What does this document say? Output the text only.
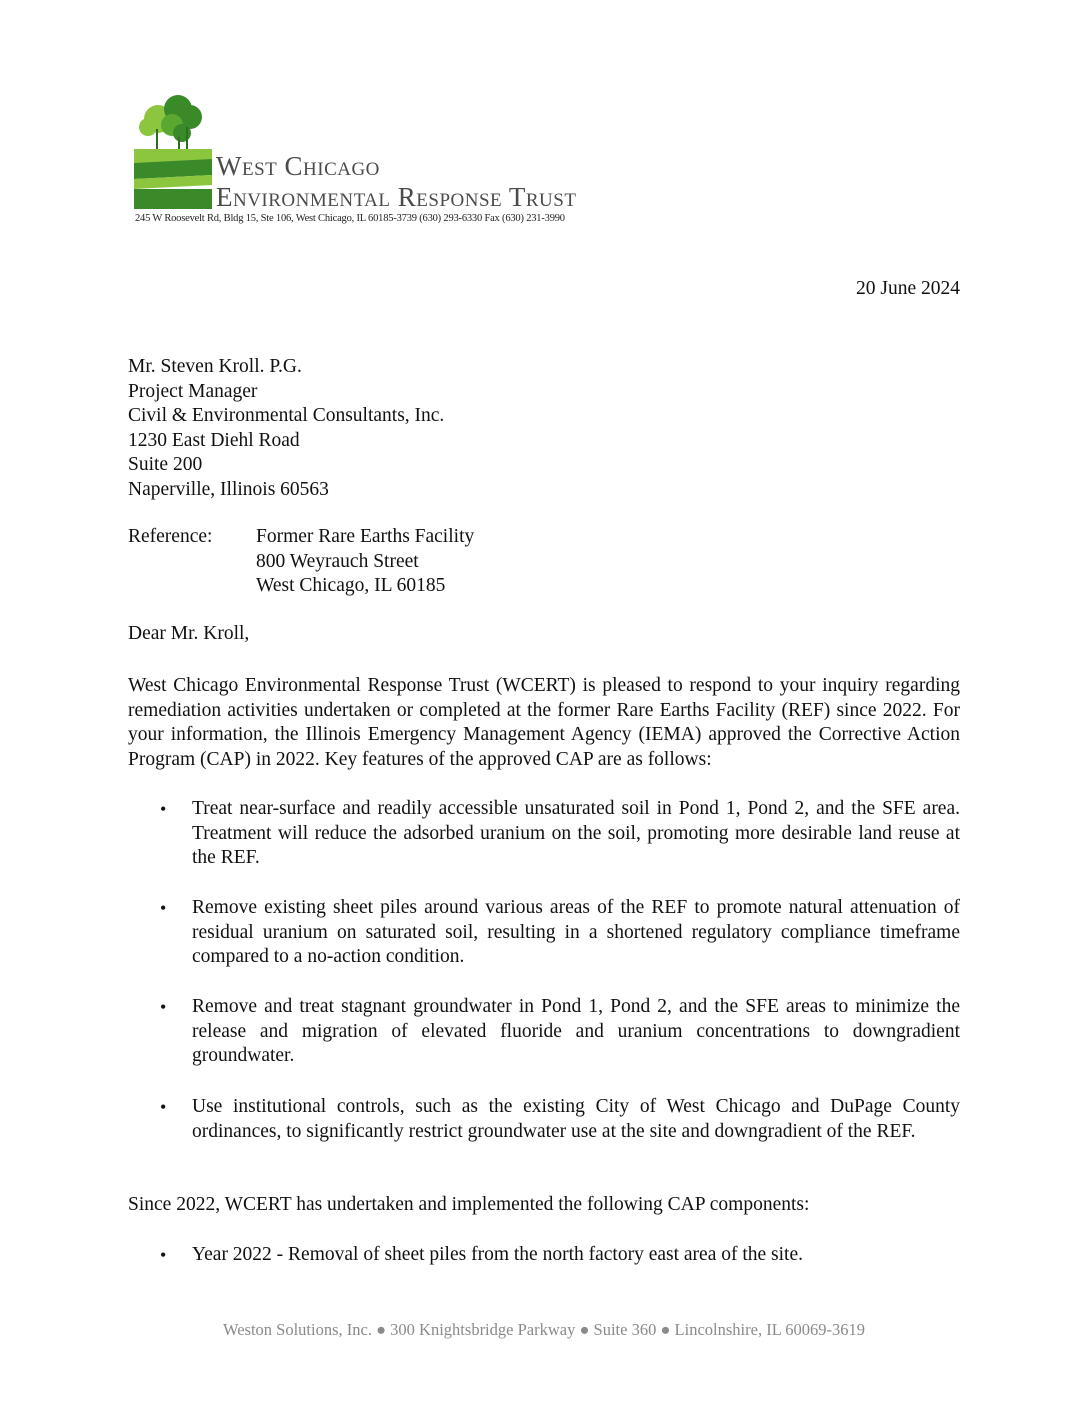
West Chicago
Environmental Response Trust
245 W Roosevelt Rd, Bldg 15, Ste 106, West Chicago, IL 60185-3739 (630) 293-6330 Fax (630) 231-3990
20 June 2024
Mr. Steven Kroll. P.G.
Project Manager
Civil & Environmental Consultants, Inc.
1230 East Diehl Road
Suite 200
Naperville, Illinois 60563
Reference: Former Rare Earths Facility
800 Weyrauch Street
West Chicago, IL 60185
Dear Mr. Kroll,
West Chicago Environmental Response Trust (WCERT) is pleased to respond to your inquiry regarding remediation activities undertaken or completed at the former Rare Earths Facility (REF) since 2022. For your information, the Illinois Emergency Management Agency (IEMA) approved the Corrective Action Program (CAP) in 2022. Key features of the approved CAP are as follows:
• Treat near-surface and readily accessible unsaturated soil in Pond 1, Pond 2, and the SFE area. Treatment will reduce the adsorbed uranium on the soil, promoting more desirable land reuse at the REF.
• Remove existing sheet piles around various areas of the REF to promote natural attenuation of residual uranium on saturated soil, resulting in a shortened regulatory compliance timeframe compared to a no-action condition.
• Remove and treat stagnant groundwater in Pond 1, Pond 2, and the SFE areas to minimize the release and migration of elevated fluoride and uranium concentrations to downgradient groundwater.
• Use institutional controls, such as the existing City of West Chicago and DuPage County ordinances, to significantly restrict groundwater use at the site and downgradient of the REF.
Since 2022, WCERT has undertaken and implemented the following CAP components:
• Year 2022 - Removal of sheet piles from the north factory east area of the site.
Weston Solutions, Inc. ● 300 Knightsbridge Parkway ● Suite 360 ● Lincolnshire, IL 60069-3619
